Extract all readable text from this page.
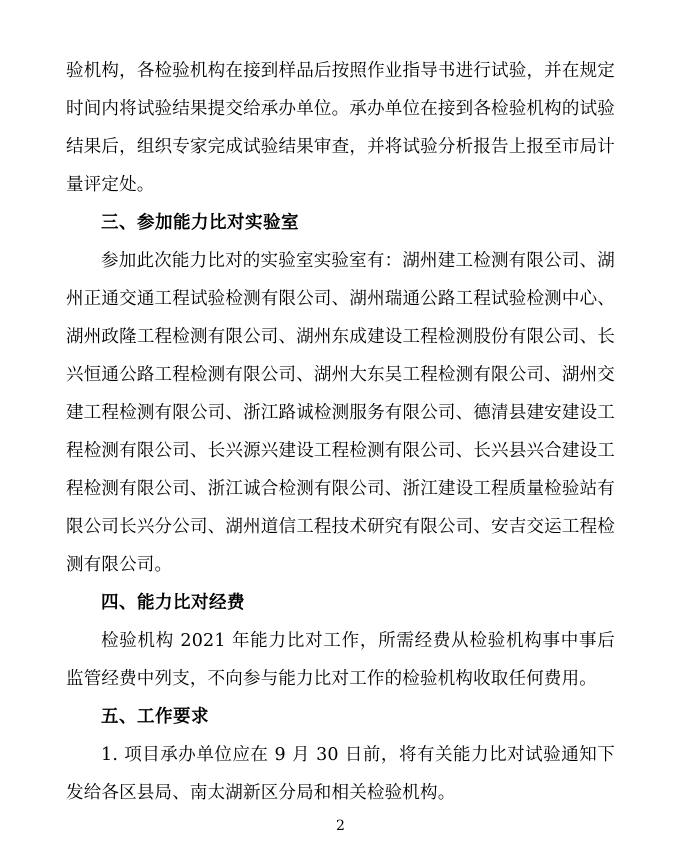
验机构，各检验机构在接到样品后按照作业指导书进行试验，并在规定时间内将试验结果提交给承办单位。承办单位在接到各检验机构的试验结果后，组织专家完成试验结果审查，并将试验分析报告上报至市局计量评定处。

三、参加能力比对实验室

参加此次能力比对的实验室实验室有：湖州建工检测有限公司、湖州正通交通工程试验检测有限公司、湖州瑞通公路工程试验检测中心、湖州政隆工程检测有限公司、湖州东成建设工程检测股份有限公司、长兴恒通公路工程检测有限公司、湖州大东吴工程检测有限公司、湖州交建工程检测有限公司、浙江路诚检测服务有限公司、德清县建安建设工程检测有限公司、长兴源兴建设工程检测有限公司、长兴县兴合建设工程检测有限公司、浙江诚合检测有限公司、浙江建设工程质量检验站有限公司长兴分公司、湖州道信工程技术研究有限公司、安吉交运工程检测有限公司。

四、能力比对经费

检验机构 2021 年能力比对工作，所需经费从检验机构事中事后监管经费中列支，不向参与能力比对工作的检验机构收取任何费用。

五、工作要求

1. 项目承办单位应在 9 月 30 日前，将有关能力比对试验通知下发给各区县局、南太湖新区分局和相关检验机构。

2
